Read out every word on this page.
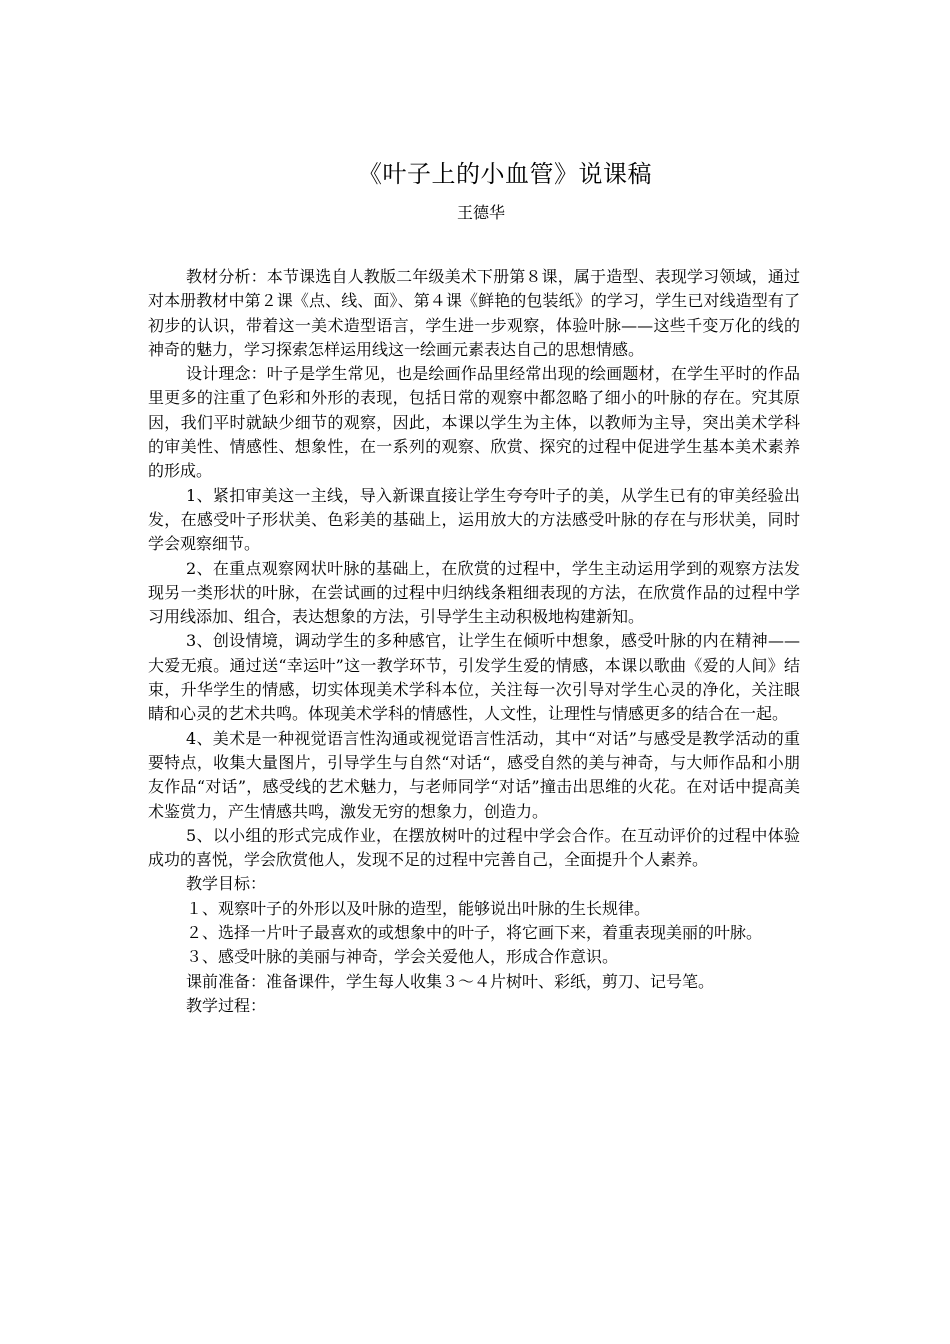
《叶子上的小血管》说课稿
王德华

教材分析：本节课选自人教版二年级美术下册第８课，属于造型、表现学习领域，通过对本册教材中第２课《点、线、面》、第４课《鲜艳的包装纸》的学习，学生已对线造型有了初步的认识，带着这一美术造型语言，学生进一步观察，体验叶脉——这些千变万化的线的神奇的魅力，学习探索怎样运用线这一绘画元素表达自己的思想情感。

设计理念：叶子是学生常见，也是绘画作品里经常出现的绘画题材，在学生平时的作品里更多的注重了色彩和外形的表现，包括日常的观察中都忽略了细小的叶脉的存在。究其原因，我们平时就缺少细节的观察，因此，本课以学生为主体，以教师为主导，突出美术学科的审美性、情感性、想象性，在一系列的观察、欣赏、探究的过程中促进学生基本美术素养的形成。

1、紧扣审美这一主线，导入新课直接让学生夸夸叶子的美，从学生已有的审美经验出发，在感受叶子形状美、色彩美的基础上，运用放大的方法感受叶脉的存在与形状美，同时学会观察细节。

2、在重点观察网状叶脉的基础上，在欣赏的过程中，学生主动运用学到的观察方法发现另一类形状的叶脉，在尝试画的过程中归纳线条粗细表现的方法，在欣赏作品的过程中学习用线添加、组合，表达想象的方法，引导学生主动积极地构建新知。

3、创设情境，调动学生的多种感官，让学生在倾听中想象，感受叶脉的内在精神——大爱无痕。通过送“幸运叶”这一教学环节，引发学生爱的情感，本课以歌曲《爱的人间》结束，升华学生的情感，切实体现美术学科本位，关注每一次引导对学生心灵的净化，关注眼睛和心灵的艺术共鸣。体现美术学科的情感性，人文性，让理性与情感更多的结合在一起。

4、美术是一种视觉语言性沟通或视觉语言性活动，其中“对话”与感受是教学活动的重要特点，收集大量图片，引导学生与自然“对话“，感受自然的美与神奇，与大师作品和小朋友作品“对话”，感受线的艺术魅力，与老师同学“对话”撞击出思维的火花。在对话中提高美术鉴赏力，产生情感共鸣，激发无穷的想象力，创造力。

5、以小组的形式完成作业，在摆放树叶的过程中学会合作。在互动评价的过程中体验成功的喜悦，学会欣赏他人，发现不足的过程中完善自己，全面提升个人素养。

教学目标：

１、观察叶子的外形以及叶脉的造型，能够说出叶脉的生长规律。

２、选择一片叶子最喜欢的或想象中的叶子，将它画下来，着重表现美丽的叶脉。

３、感受叶脉的美丽与神奇，学会关爱他人，形成合作意识。

课前准备：准备课件，学生每人收集３～４片树叶、彩纸，剪刀、记号笔。

教学过程：
